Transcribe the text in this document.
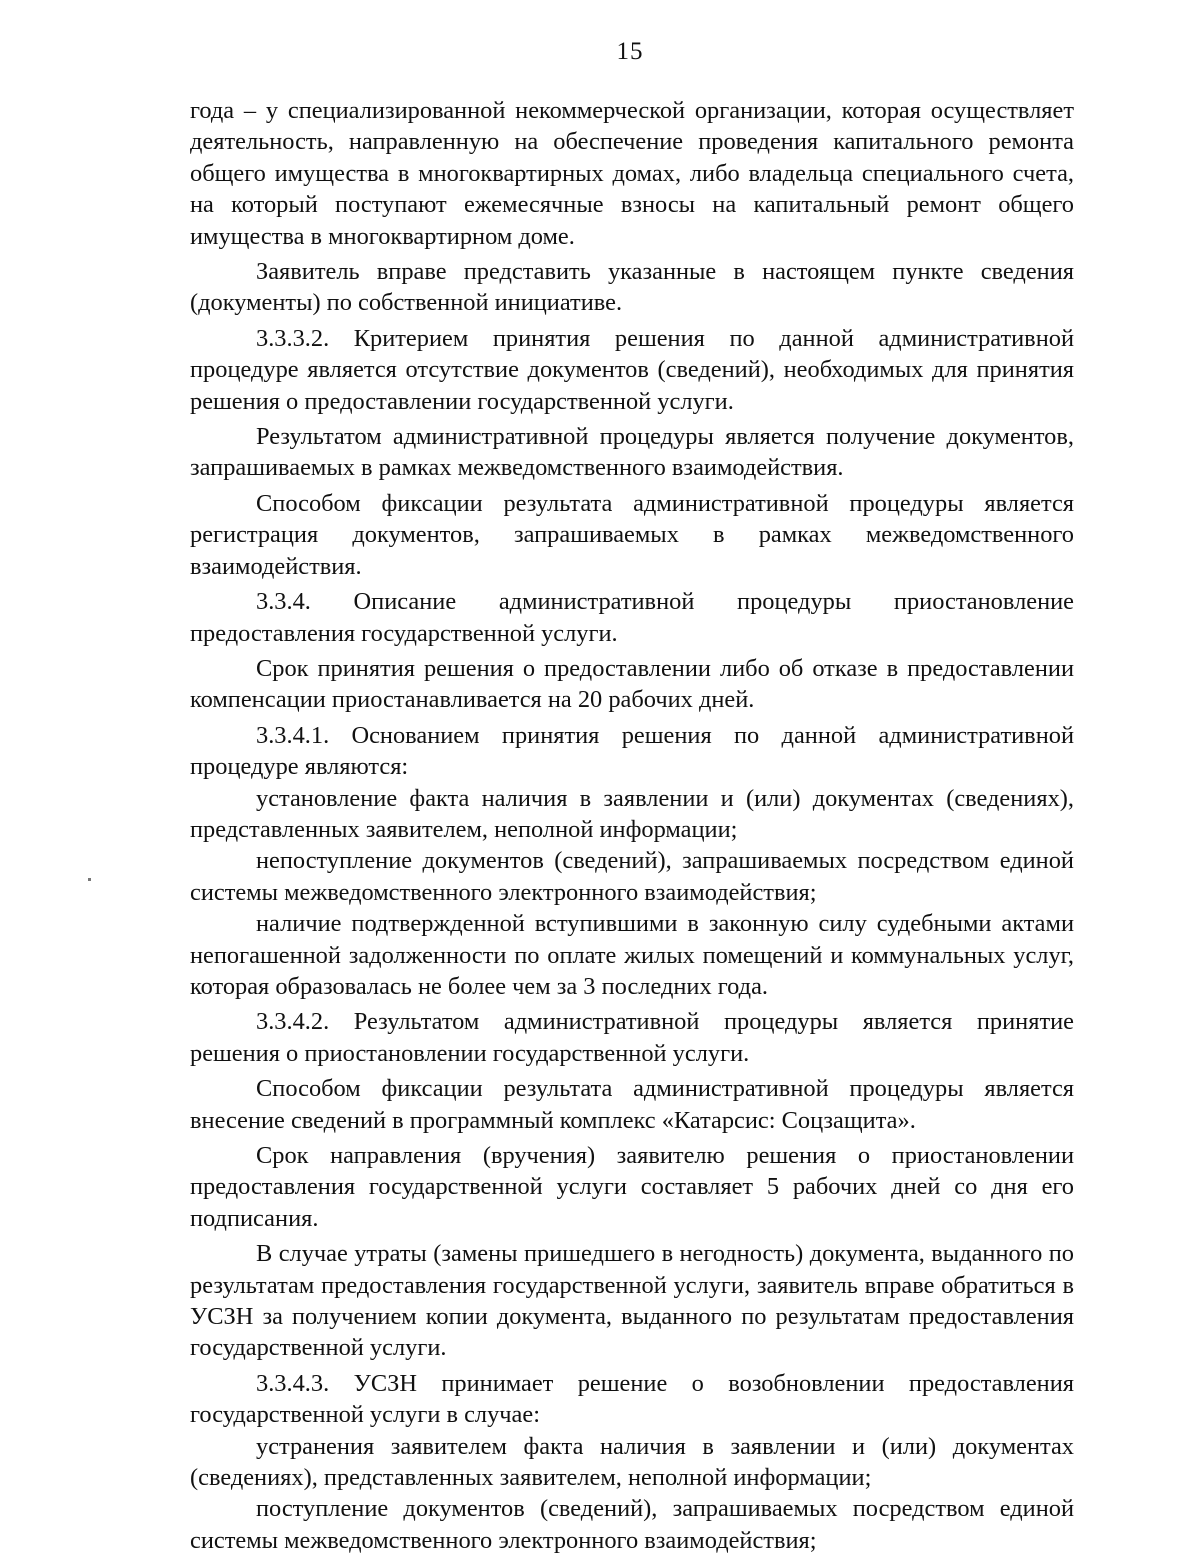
15

года – у специализированной некоммерческой организации, которая осуществляет деятельность, направленную на обеспечение проведения капитального ремонта общего имущества в многоквартирных домах, либо владельца специального счета, на который поступают ежемесячные взносы на капитальный ремонт общего имущества в многоквартирном доме.

Заявитель вправе представить указанные в настоящем пункте сведения (документы) по собственной инициативе.

3.3.3.2. Критерием принятия решения по данной административной процедуре является отсутствие документов (сведений), необходимых для принятия решения о предоставлении государственной услуги.

Результатом административной процедуры является получение документов, запрашиваемых в рамках межведомственного взаимодействия.

Способом фиксации результата административной процедуры является регистрация документов, запрашиваемых в рамках межведомственного взаимодействия.

3.3.4. Описание административной процедуры приостановление предоставления государственной услуги.

Срок принятия решения о предоставлении либо об отказе в предоставлении компенсации приостанавливается на 20 рабочих дней.

3.3.4.1. Основанием принятия решения по данной административной процедуре являются:

установление факта наличия в заявлении и (или) документах (сведениях), представленных заявителем, неполной информации;

непоступление документов (сведений), запрашиваемых посредством единой системы межведомственного электронного взаимодействия;

наличие подтвержденной вступившими в законную силу судебными актами непогашенной задолженности по оплате жилых помещений и коммунальных услуг, которая образовалась не более чем за 3 последних года.

3.3.4.2. Результатом административной процедуры является принятие решения о приостановлении государственной услуги.

Способом фиксации результата административной процедуры является внесение сведений в программный комплекс «Катарсис: Соцзащита».

Срок направления (вручения) заявителю решения о приостановлении предоставления государственной услуги составляет 5 рабочих дней со дня его подписания.

В случае утраты (замены пришедшего в негодность) документа, выданного по результатам предоставления государственной услуги, заявитель вправе обратиться в УСЗН за получением копии документа, выданного по результатам предоставления государственной услуги.

3.3.4.3. УСЗН принимает решение о возобновлении предоставления государственной услуги в случае:

устранения заявителем факта наличия в заявлении и (или) документах (сведениях), представленных заявителем, неполной информации;

поступление документов (сведений), запрашиваемых посредством единой системы межведомственного электронного взаимодействия;
